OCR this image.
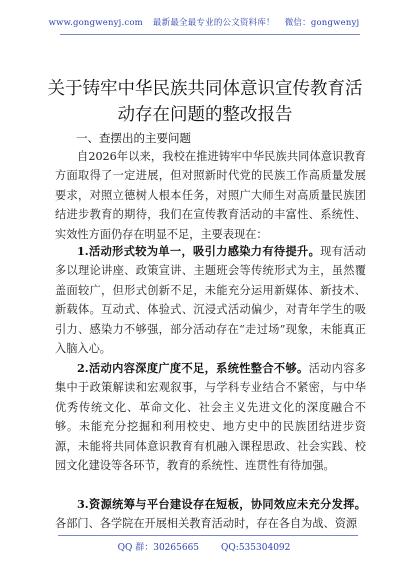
www.gongwenyj.com 最新最全最专业的公文资料库！ 微信：gongwenyj
关于铸牢中华民族共同体意识宣传教育活动存在问题的整改报告
一、查摆出的主要问题

自2026年以来，我校在推进铸牢中华民族共同体意识教育方面取得了一定进展，但对照新时代党的民族工作高质量发展要求，对照立德树人根本任务，对照广大师生对高质量民族团结进步教育的期待，我们在宣传教育活动的丰富性、系统性、实效性方面仍存在明显不足，主要表现在：

1.活动形式较为单一，吸引力感染力有待提升。现有活动多以理论讲座、政策宣讲、主题班会等传统形式为主，虽然覆盖面较广，但形式创新不足，未能充分运用新媒体、新技术、新载体。互动式、体验式、沉浸式活动偏少，对青年学生的吸引力、感染力不够强，部分活动存在“走过场”现象，未能真正入脑入心。

2.活动内容深度广度不足，系统性整合不够。活动内容多集中于政策解读和宏观叙事，与学科专业结合不紧密，与中华优秀传统文化、革命文化、社会主义先进文化的深度融合不够。未能充分挖掘和利用校史、地方史中的民族团结进步资源，未能将共同体意识教育有机融入课程思政、社会实践、校园文化建设等各环节，教育的系统性、连贯性有待加强。

3.资源统筹与平台建设存在短板，协同效应未充分发挥。各部门、各学院在开展相关教育活动时，存在各自为战、资源

QQ 群：30265665 QQ:535304092
